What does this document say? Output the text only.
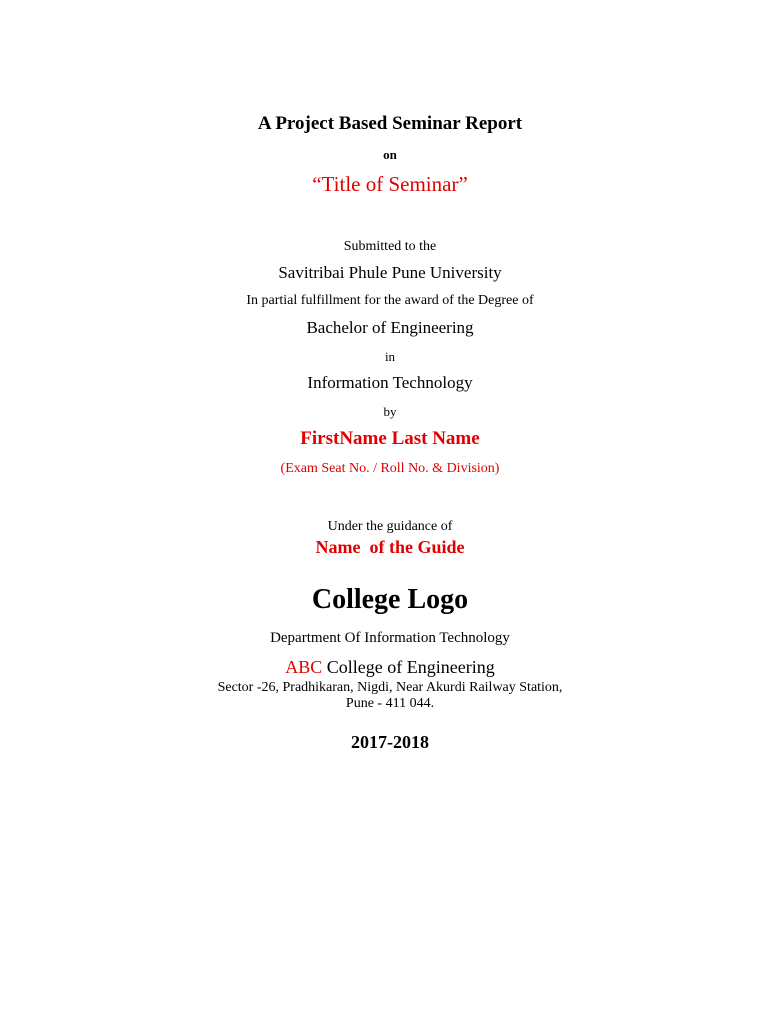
A Project Based Seminar Report
on
“Title of Seminar”
Submitted to the
Savitribai Phule Pune University
In partial fulfillment for the award of the Degree of
Bachelor of Engineering
in
Information Technology
by
FirstName Last Name
(Exam Seat No. / Roll No. & Division)
Under the guidance of
Name  of the Guide
College Logo
Department Of Information Technology
ABC College of Engineering
Sector -26, Pradhikaran, Nigdi, Near Akurdi Railway Station,
Pune - 411 044.
2017-2018
